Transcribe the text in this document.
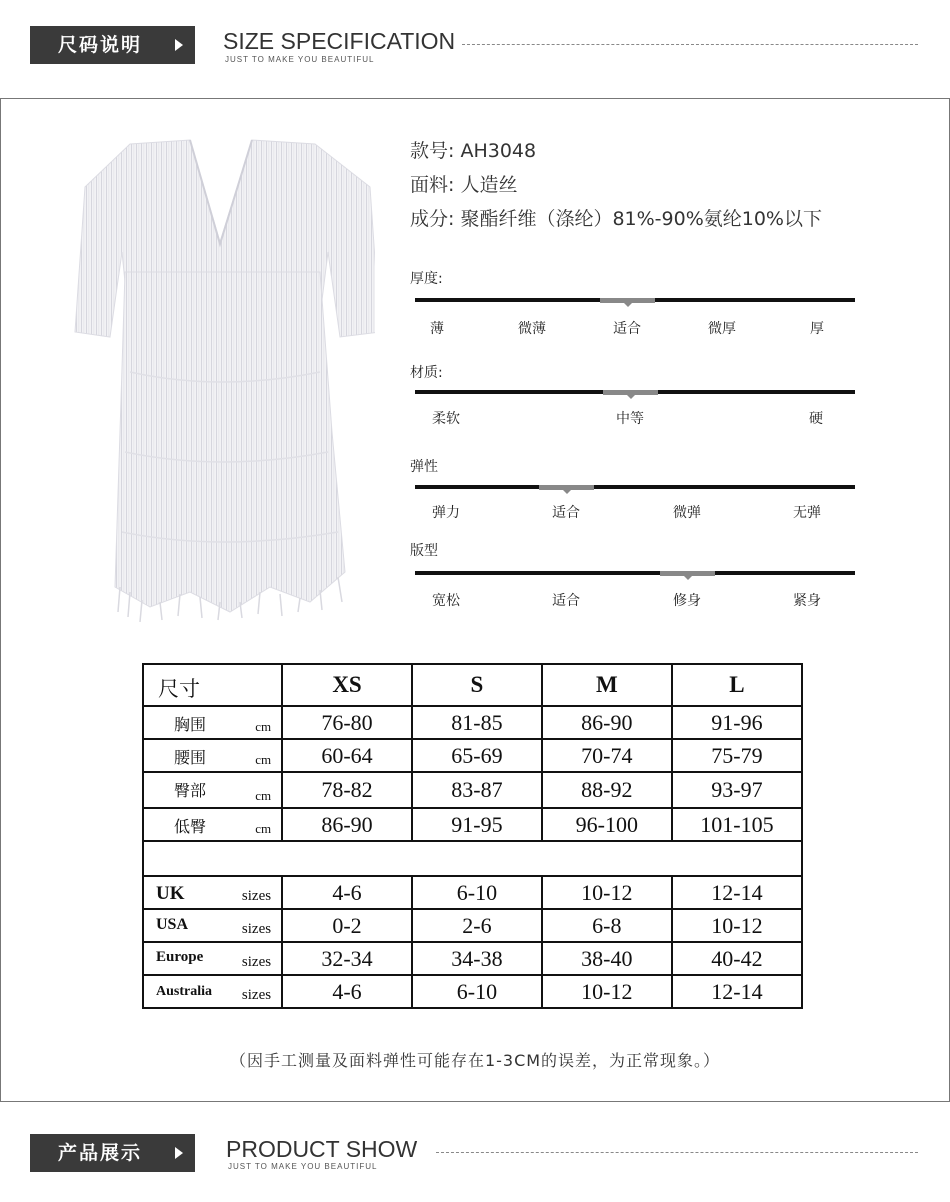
尺码说明	SIZE SPECIFICATION
JUST TO MAKE YOU BEAUTIFUL
款号: AH3048
面料: 人造丝
成分: 聚酯纤维（涤纶）81%-90%氨纶10%以下
厚度:
薄	微薄	适合	微厚	厚
材质:
柔软	中等	硬
弹性
弹力	适合	微弹	无弹
版型
宽松	适合	修身	紧身
尺寸	XS	S	M	L

胸围 cm	76-80	81-85	86-90	91-96

腰围 cm	60-64	65-69	70-74	75-79

臀部 cm	78-82	83-87	88-92	93-97

低臀 cm	86-90	91-95	96-100	101-105

UK sizes	4-6	6-10	10-12	12-14

USA sizes	0-2	2-6	6-8	10-12

Europe sizes	32-34	34-38	38-40	40-42

Australia sizes	4-6	6-10	10-12	12-14
（因手工测量及面料弹性可能存在1-3CM的误差，为正常现象。）
产品展示	PRODUCT SHOW
JUST TO MAKE YOU BEAUTIFUL
